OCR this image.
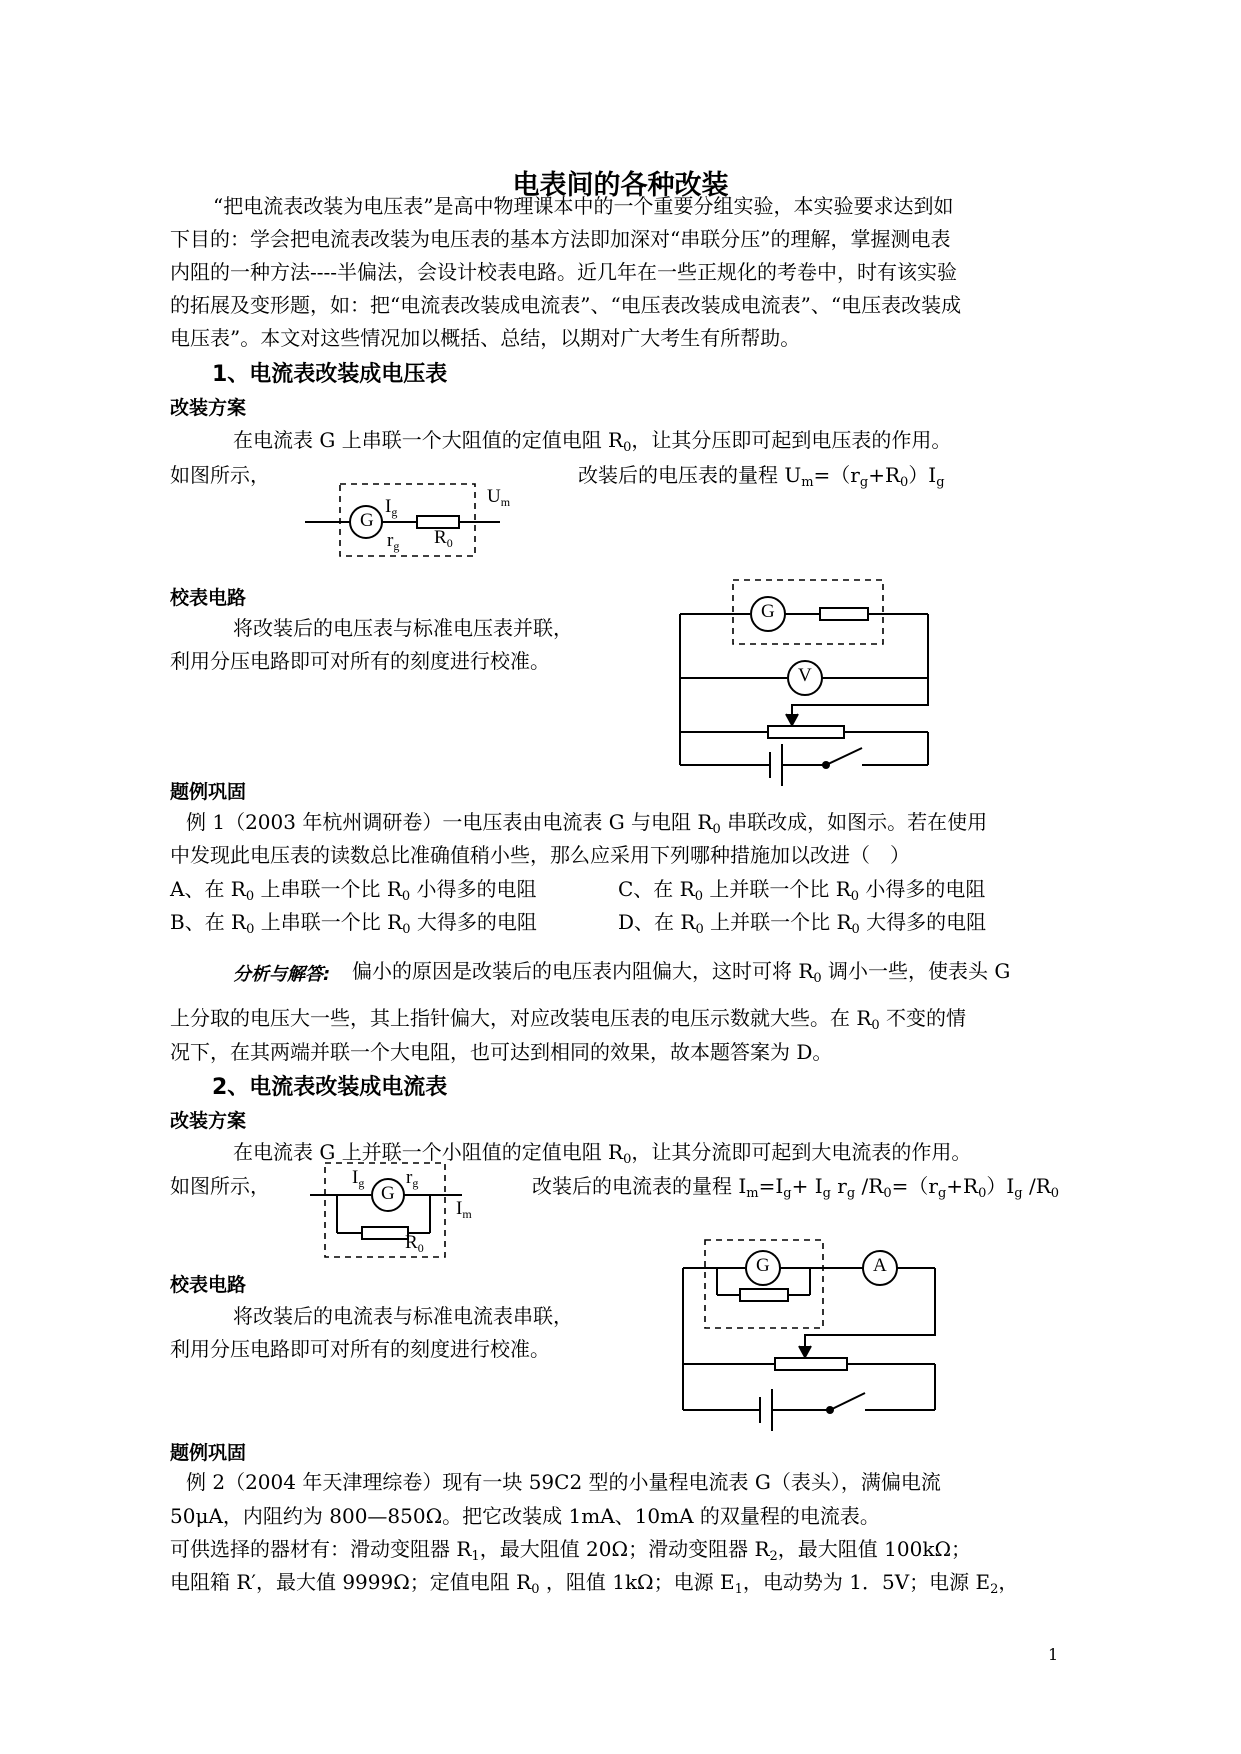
电表间的各种改装
“把电流表改装为电压表”是高中物理课本中的一个重要分组实验，本实验要求达到如
下目的：学会把电流表改装为电压表的基本方法即加深对“串联分压”的理解，掌握测电表
内阻的一种方法----半偏法，会设计校表电路。近几年在一些正规化的考卷中，时有该实验
的拓展及变形题，如：把“电流表改装成电流表”、“电压表改装成电流表”、“电压表改装成
电压表”。本文对这些情况加以概括、总结，以期对广大考生有所帮助。
1、电流表改装成电压表
改装方案
在电流表 G 上串联一个大阻值的定值电阻 $R_0$，让其分压即可起到电压表的作用。
如图所示，	改装后的电压表的量程 $U_m=(r_g+R_0)I_g$
G
$I_g$
$r_g$ $R_0$
$U_m$
校表电路
将改装后的电压表与标准电压表并联，
利用分压电路即可对所有的刻度进行校准。
G
V
题例巩固
例 1（2003 年杭州调研卷）一电压表由电流表 G 与电阻 $R_0$ 串联改成，如图示。若在使用
中发现此电压表的读数总比准确值稍小些，那么应采用下列哪种措施加以改进（　）
A、在 $R_0$ 上串联一个比 $R_0$ 小得多的电阻	C、在 $R_0$ 上并联一个比 $R_0$ 小得多的电阻
B、在 $R_0$ 上串联一个比 $R_0$ 大得多的电阻	D、在 $R_0$ 上并联一个比 $R_0$ 大得多的电阻
分析与解答: 偏小的原因是改装后的电压表内阻偏大，这时可将 $R_0$ 调小一些，使表头 G
上分取的电压大一些，其上指针偏大，对应改装电压表的电压示数就大些。在 $R_0$ 不变的情
况下，在其两端并联一个大电阻，也可达到相同的效果，故本题答案为 D。
2、电流表改装成电流表
改装方案
在电流表 G 上并联一个小阻值的定值电阻 $R_0$，让其分流即可起到大电流表的作用。
如图所示，	改装后的电流表的量程 $I_m=I_g+ I_g$ $r_g$ $/R_0=(r_g+R_0)I_g$ $/R_0$
G
$I_g$ $r_g$
$R_0$
$I_m$
校表电路
将改装后的电流表与标准电流表串联，
利用分压电路即可对所有的刻度进行校准。
G	A
题例巩固
例 2（2004 年天津理综卷）现有一块 59C2 型的小量程电流表 G（表头），满偏电流
50μA，内阻约为 800—850Ω。把它改装成 1mA、10mA 的双量程的电流表。
可供选择的器材有：滑动变阻器 $R_1$，最大阻值 20Ω；滑动变阻器 $R_2$，最大阻值 100kΩ；
电阻箱 R′，最大值 9999Ω；定值电阻 $R_0$ ，阻值 1kΩ；电源 $E_1$，电动势为 1．5V；电源 $E_2$，
1
